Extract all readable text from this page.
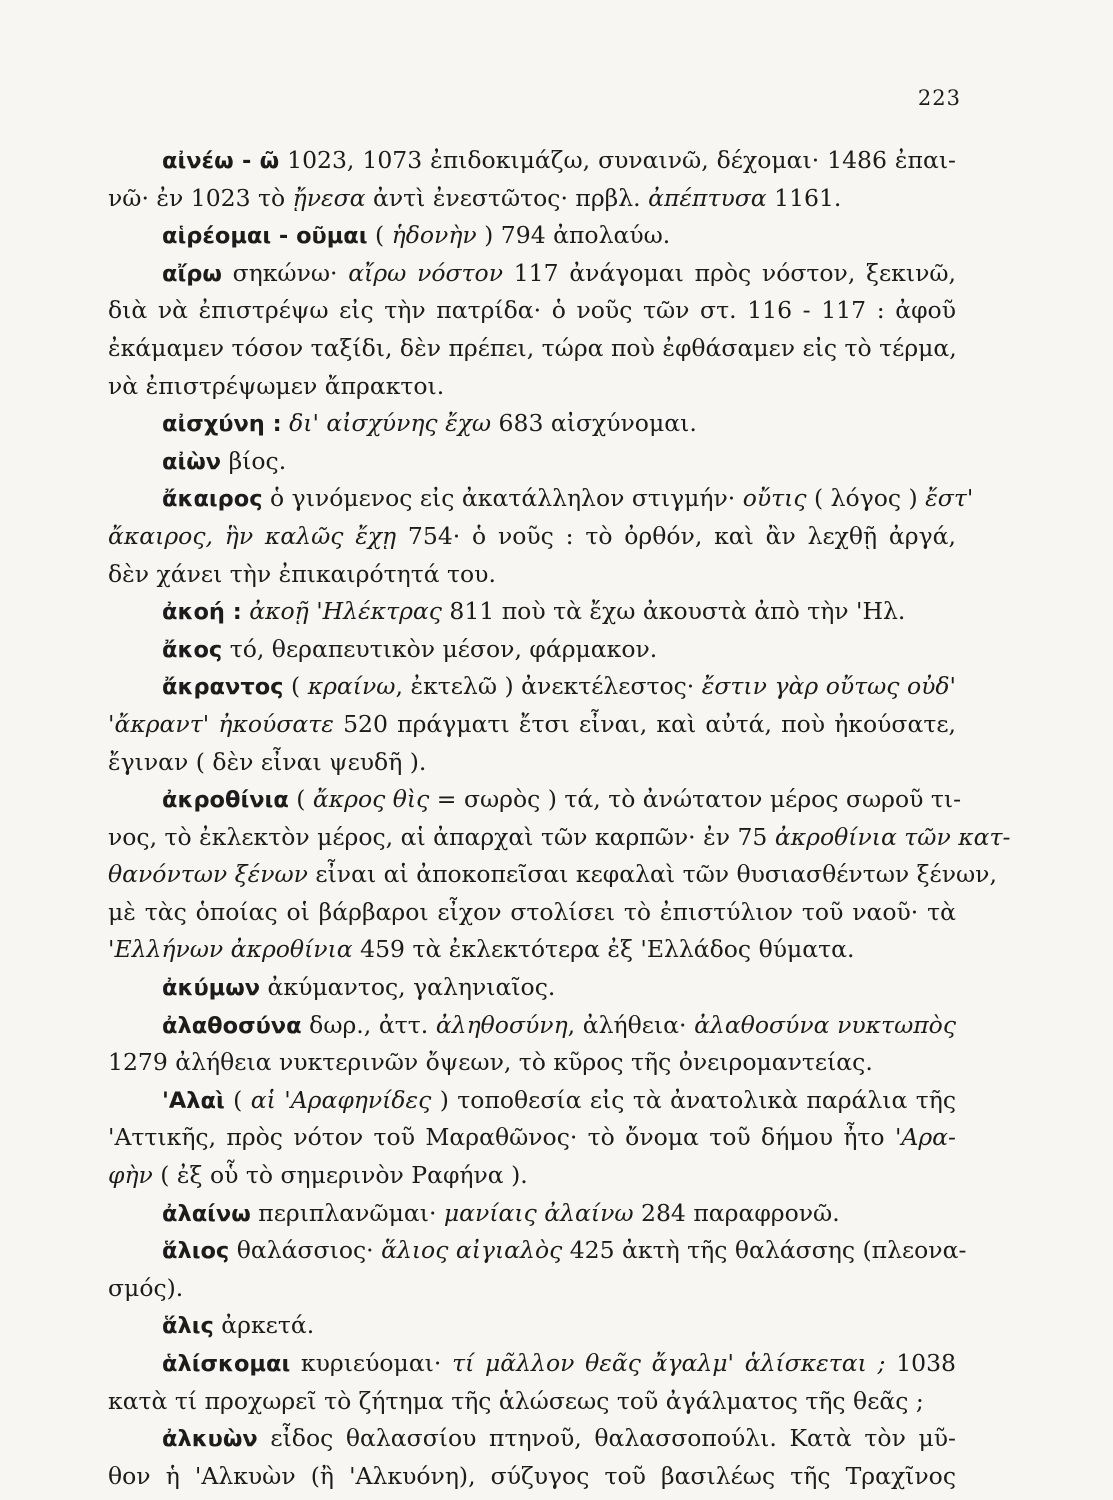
223
αἰνέω - ῶ 1023, 1073 ἐπιδοκιμάζω, συναινῶ, δέχομαι· 1486 ἐπαι-
νῶ· ἐν 1023 τὸ ᾔνεσα ἀντὶ ἐνεστῶτος· πρβλ. ἀπέπτυσα 1161.
αἱρέομαι - οῦμαι ( ἡδονὴν ) 794 ἀπολαύω.
αἴρω σηκώνω· αἴρω νόστον 117 ἀνάγομαι πρὸς νόστον, ξεκινῶ,
διὰ νὰ ἐπιστρέψω εἰς τὴν πατρίδα· ὁ νοῦς τῶν στ. 116 - 117 : ἀφοῦ
ἐκάμαμεν τόσον ταξίδι, δὲν πρέπει, τώρα ποὺ ἐφθάσαμεν εἰς τὸ τέρμα,
νὰ ἐπιστρέψωμεν ἄπρακτοι.
αἰσχύνη : δι' αἰσχύνης ἔχω 683 αἰσχύνομαι.
αἰὼν βίος.
ἄκαιρος ὁ γινόμενος εἰς ἀκατάλληλον στιγμήν· οὔτις ( λόγος ) ἔστ'
ἄκαιρος, ἣν καλῶς ἔχῃ 754· ὁ νοῦς : τὸ ὀρθόν, καὶ ἂν λεχθῇ ἀργά,
δὲν χάνει τὴν ἐπικαιρότητά του.
ἀκοή : ἀκοῇ 'Ηλέκτρας 811 ποὺ τὰ ἔχω ἀκουστὰ ἀπὸ τὴν 'Ηλ.
ἄκος τό, θεραπευτικὸν μέσον, φάρμακον.
ἄκραντος ( κραίνω, ἐκτελῶ ) ἀνεκτέλεστος· ἔστιν γὰρ οὔτως οὐδ'
'ἄκραντ' ἠκούσατε 520 πράγματι ἔτσι εἶναι, καὶ αὐτά, ποὺ ἠκούσατε,
ἔγιναν ( δὲν εἶναι ψευδῆ ).
ἀκροθίνια ( ἄκρος θὶς = σωρὸς ) τά, τὸ ἀνώτατον μέρος σωροῦ τι-
νος, τὸ ἐκλεκτὸν μέρος, αἱ ἀπαρχαὶ τῶν καρπῶν· ἐν 75 ἀκροθίνια τῶν κατ-
θανόντων ξένων εἶναι αἱ ἀποκοπεῖσαι κεφαλαὶ τῶν θυσιασθέντων ξένων,
μὲ τὰς ὁποίας οἱ βάρβαροι εἶχον στολίσει τὸ ἐπιστύλιον τοῦ ναοῦ· τὰ
'Ελλήνων ἀκροθίνια 459 τὰ ἐκλεκτότερα ἐξ 'Ελλάδος θύματα.
ἀκύμων ἀκύμαντος, γαληνιαῖος.
ἀλαθοσύνα δωρ., ἀττ. ἀληθοσύνη, ἀλήθεια· ἀλαθοσύνα νυκτωπὸς
1279 ἀλήθεια νυκτερινῶν ὄψεων, τὸ κῦρος τῆς ὀνειρομαντείας.
'Αλαὶ ( αἱ 'Αραφηνίδες ) τοποθεσία εἰς τὰ ἀνατολικὰ παράλια τῆς
'Αττικῆς, πρὸς νότον τοῦ Μαραθῶνος· τὸ ὄνομα τοῦ δήμου ἦτο 'Αρα-
φὴν ( ἐξ οὗ τὸ σημερινὸν Ραφήνα ).
ἀλαίνω περιπλανῶμαι· μανίαις ἀλαίνω 284 παραφρονῶ.
ἅλιος θαλάσσιος· ἅλιος αἰγιαλὸς 425 ἀκτὴ τῆς θαλάσσης (πλεονα-
σμός).
ἅλις ἀρκετά.
ἁλίσκομαι κυριεύομαι· τί μᾶλλον θεᾶς ἄγαλμ' ἁλίσκεται ; 1038
κατὰ τί προχωρεῖ τὸ ζήτημα τῆς ἁλώσεως τοῦ ἀγάλματος τῆς θεᾶς ;
ἀλκυὼν εἶδος θαλασσίου πτηνοῦ, θαλασσοπούλι. Κατὰ τὸν μῦ-
θον ἡ 'Αλκυὼν (ἢ 'Αλκυόνη), σύζυγος τοῦ βασιλέως τῆς Τραχῖνος
